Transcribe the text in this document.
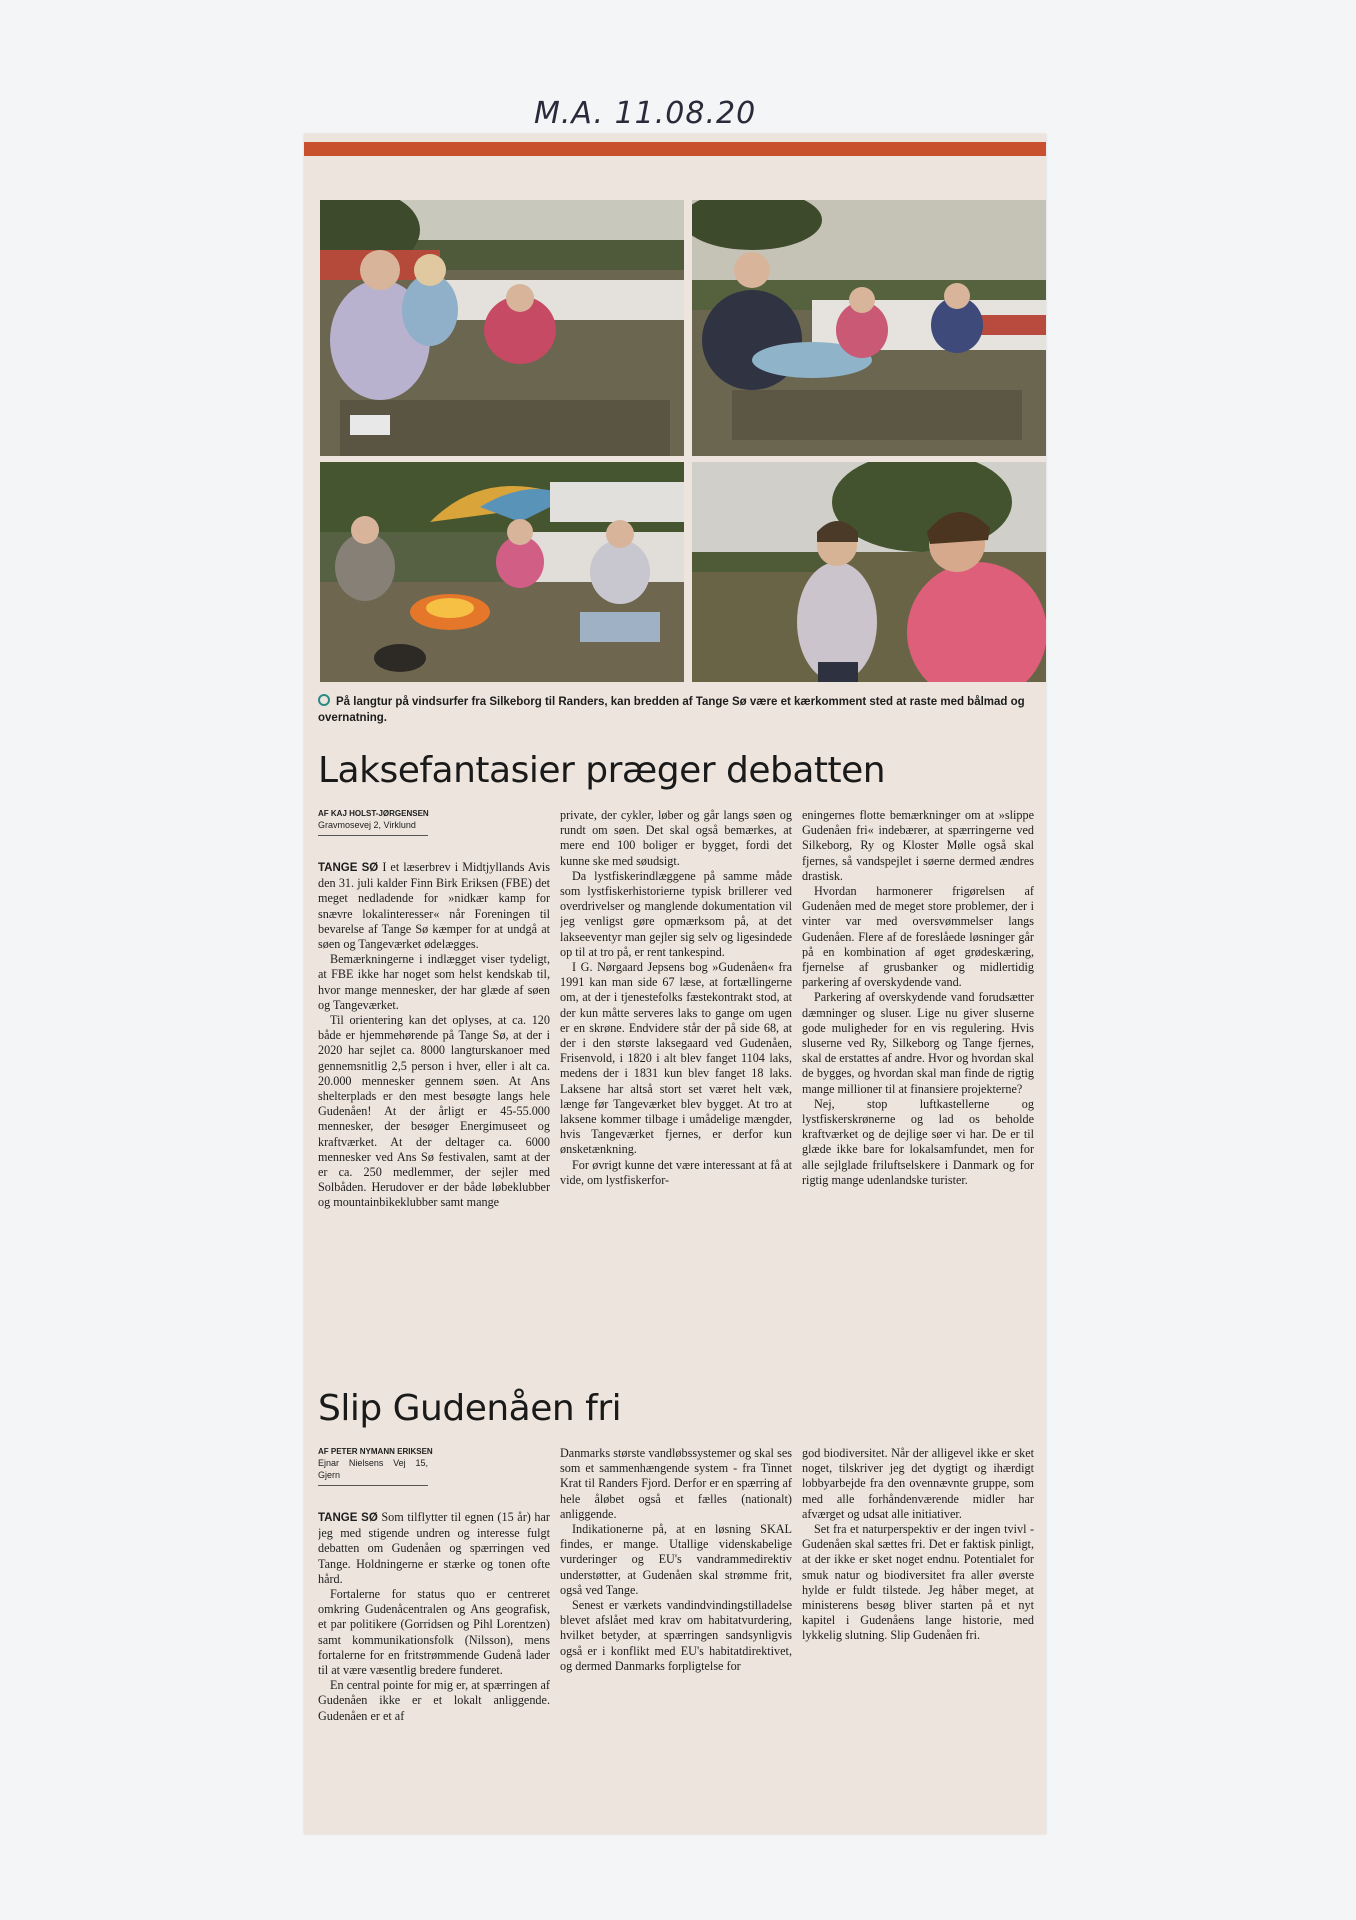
M.A. 11.08.20
På langtur på vindsurfer fra Silkeborg til Randers, kan bredden af Tange Sø være et kærkomment sted at raste med bålmad og overnatning.
Laksefantasier præger debatten
AF KAJ HOLST-JØRGENSEN
Gravmosevej 2, Virklund

TANGE SØ I et læserbrev i Midtjyllands Avis den 31. juli kalder Finn Birk Eriksen (FBE) det meget nedladende for »nidkær kamp for snævre lokalinteresser« når Foreningen til bevarelse af Tange Sø kæmper for at undgå at søen og Tangeværket ødelægges.

Bemærkningerne i indlægget viser tydeligt, at FBE ikke har noget som helst kendskab til, hvor mange mennesker, der har glæde af søen og Tangeværket.

Til orientering kan det oplyses, at ca. 120 både er hjemmehørende på Tange Sø, at der i 2020 har sejlet ca. 8000 langturskanoer med gennemsnitlig 2,5 person i hver, eller i alt ca. 20.000 mennesker gennem søen. At Ans shelterplads er den mest besøgte langs hele Gudenåen! At der årligt er 45-55.000 mennesker, der besøger Energimuseet og kraftværket. At der deltager ca. 6000 mennesker ved Ans Sø festivalen, samt at der er ca. 250 medlemmer, der sejler med Solbåden. Herudover er der både løbeklubber og mountainbikeklubber samt mange

private, der cykler, løber og går langs søen og rundt om søen. Det skal også bemærkes, at mere end 100 boliger er bygget, fordi det kunne ske med søudsigt.

Da lystfiskerindlæggene på samme måde som lystfiskerhistorierne typisk brillerer ved overdrivelser og manglende dokumentation vil jeg venligst gøre opmærksom på, at det lakseeventyr man gejler sig selv og ligesindede op til at tro på, er rent tankespind.

I G. Nørgaard Jepsens bog »Gudenåen« fra 1991 kan man side 67 læse, at fortællingerne om, at der i tjenestefolks fæstekontrakt stod, at der kun måtte serveres laks to gange om ugen er en skrøne. Endvidere står der på side 68, at der i den største laksegaard ved Gudenåen, Frisenvold, i 1820 i alt blev fanget 1104 laks, medens der i 1831 kun blev fanget 18 laks. Laksene har altså stort set været helt væk, længe før Tangeværket blev bygget. At tro at laksene kommer tilbage i umådelige mængder, hvis Tangeværket fjernes, er derfor kun ønsketænkning.

For øvrigt kunne det være interessant at få at vide, om lystfiskerfor-

eningernes flotte bemærkninger om at »slippe Gudenåen fri« indebærer, at spærringerne ved Silkeborg, Ry og Kloster Mølle også skal fjernes, så vandspejlet i søerne dermed ændres drastisk.

Hvordan harmonerer frigørelsen af Gudenåen med de meget store problemer, der i vinter var med oversvømmelser langs Gudenåen. Flere af de foreslåede løsninger går på en kombination af øget grødeskæring, fjernelse af grusbanker og midlertidig parkering af overskydende vand.

Parkering af overskydende vand forudsætter dæmninger og sluser. Lige nu giver sluserne gode muligheder for en vis regulering. Hvis sluserne ved Ry, Silkeborg og Tange fjernes, skal de erstattes af andre. Hvor og hvordan skal de bygges, og hvordan skal man finde de rigtig mange millioner til at finansiere projekterne?

Nej, stop luftkastellerne og lystfiskerskrønerne og lad os beholde kraftværket og de dejlige søer vi har. De er til glæde ikke bare for lokalsamfundet, men for alle sejlglade friluftselskere i Danmark og for rigtig mange udenlandske turister.

Slip Gudenåen fri
AF PETER NYMANN ERIKSEN
Ejnar Nielsens Vej 15, Gjern

TANGE SØ Som tilflytter til egnen (15 år) har jeg med stigende undren og interesse fulgt debatten om Gudenåen og spærringen ved Tange. Holdningerne er stærke og tonen ofte hård.

Fortalerne for status quo er centreret omkring Gudenåcentralen og Ans geografisk, et par politikere (Gorridsen og Pihl Lorentzen) samt kommunikationsfolk (Nilsson), mens fortalerne for en fritstrømmende Gudenå lader til at være væsentlig bredere funderet.

En central pointe for mig er, at spærringen af Gudenåen ikke er et lokalt anliggende. Gudenåen er et af

Danmarks største vandløbssystemer og skal ses som et sammenhængende system - fra Tinnet Krat til Randers Fjord. Derfor er en spærring af hele åløbet også et fælles (nationalt) anliggende.

Indikationerne på, at en løsning SKAL findes, er mange. Utallige videnskabelige vurderinger og EU's vandrammedirektiv understøtter, at Gudenåen skal strømme frit, også ved Tange.

Senest er værkets vandindvindingstilladelse blevet afslået med krav om habitatvurdering, hvilket betyder, at spærringen sandsynligvis også er i konflikt med EU's habitatdirektivet, og dermed Danmarks forpligtelse for

god biodiversitet. Når der alligevel ikke er sket noget, tilskriver jeg det dygtigt og ihærdigt lobbyarbejde fra den ovennævnte gruppe, som med alle forhåndenværende midler har afværget og udsat alle initiativer.

Set fra et naturperspektiv er der ingen tvivl - Gudenåen skal sættes fri. Det er faktisk pinligt, at der ikke er sket noget endnu. Potentialet for smuk natur og biodiversitet fra aller øverste hylde er fuldt tilstede. Jeg håber meget, at ministerens besøg bliver starten på et nyt kapitel i Gudenåens lange historie, med lykkelig slutning. Slip Gudenåen fri.
